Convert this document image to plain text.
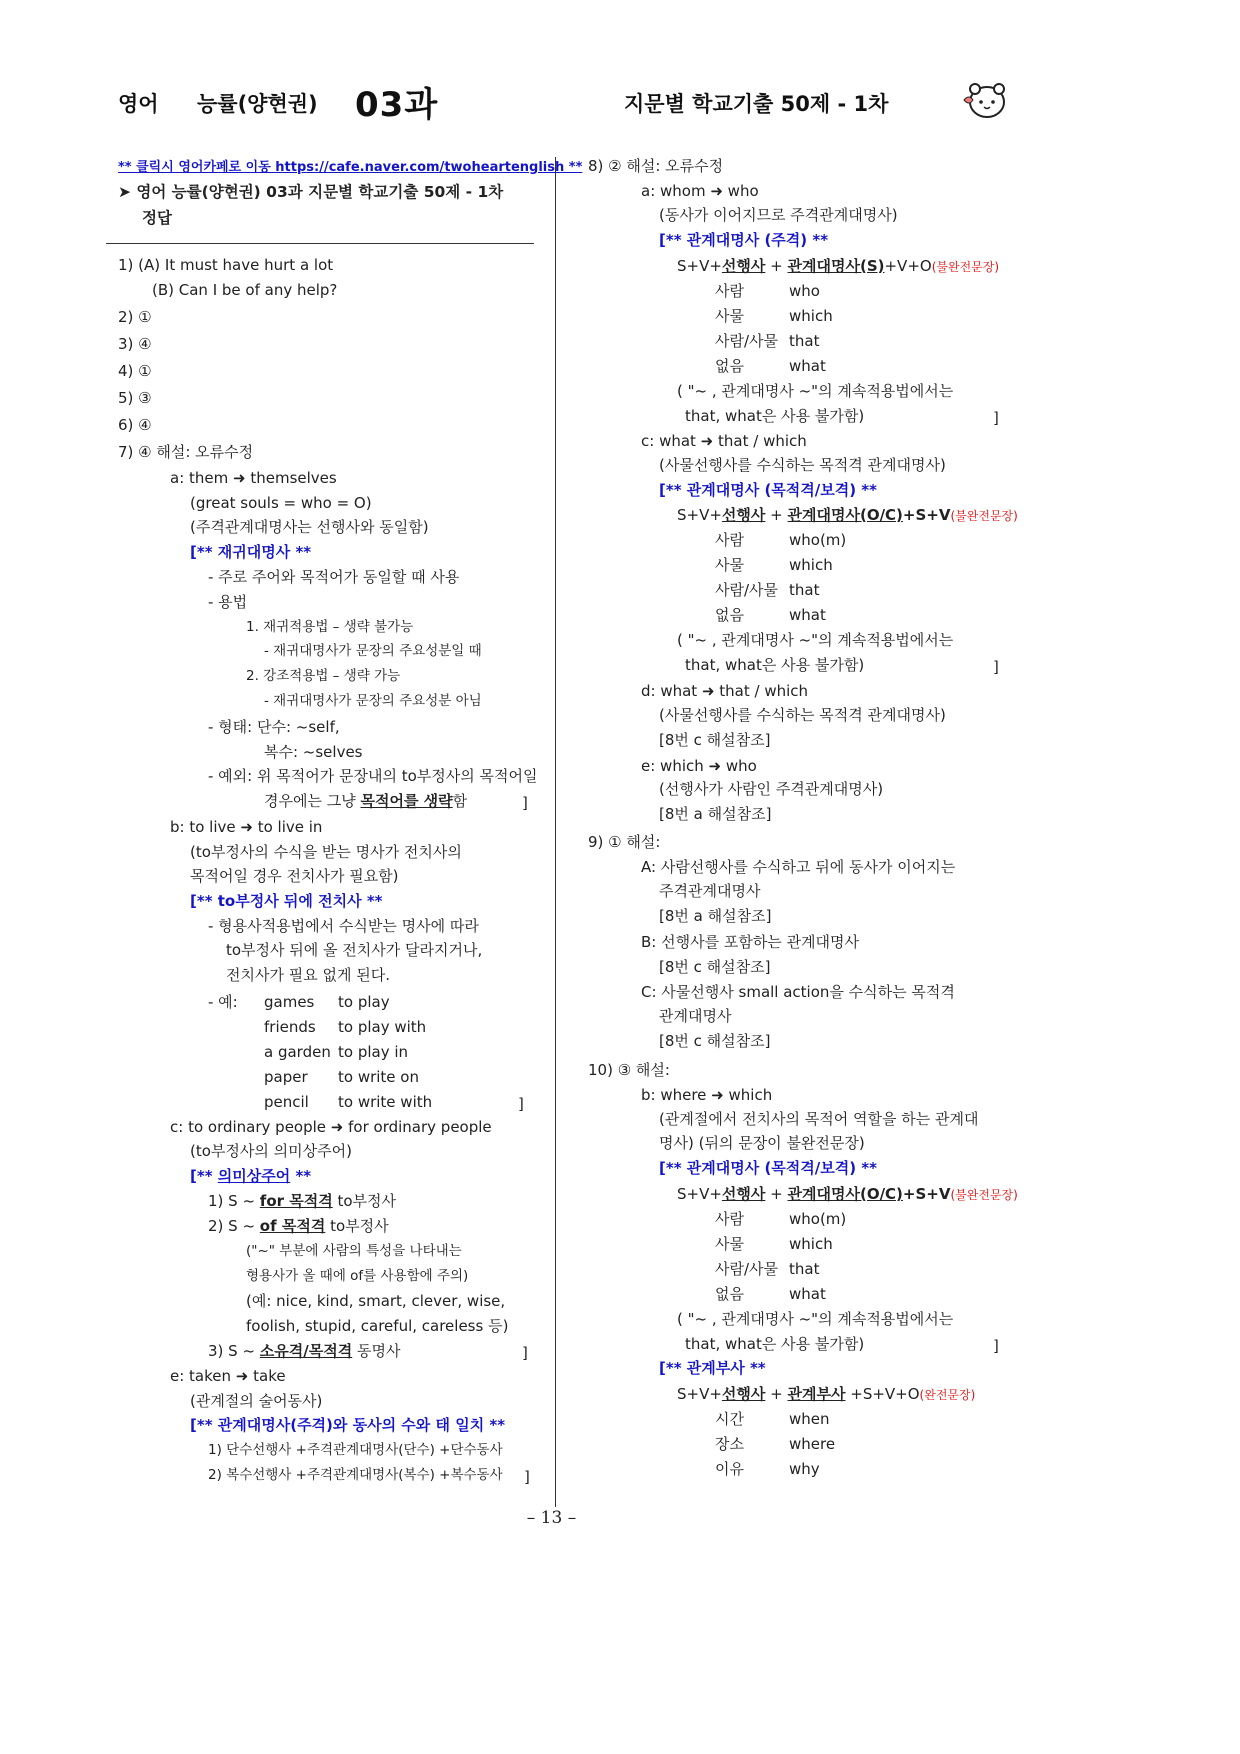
영어 능률(양현권) 03과	지문별 학교기출 50제 - 1차
** 클릭시 영어카페로 이동 https://cafe.naver.com/twoheartenglish **
➤ 영어 능률(양현권) 03과 지문별 학교기출 50제 - 1차
정답
1) (A) It must have hurt a lot
(B) Can I be of any help?
2) ①
3) ④
4) ①
5) ③
6) ④
7) ④ 해설: 오류수정
a: them ➜ themselves
(great souls = who = O)
(주격관계대명사는 선행사와 동일함)
[** 재귀대명사 **
- 주로 주어와 목적어가 동일할 때 사용
- 용법
1. 재귀적용법 – 생략 불가능
- 재귀대명사가 문장의 주요성분일 때
2. 강조적용법 – 생략 가능
- 재귀대명사가 문장의 주요성분 아님
- 형태: 단수: ~self,
복수: ~selves
- 예외: 위 목적어가 문장내의 to부정사의 목적어일
경우에는 그냥 목적어를 생략함	]
b: to live ➜ to live in
(to부정사의 수식을 받는 명사가 전치사의
목적어일 경우 전치사가 필요함)
[** to부정사 뒤에 전치사 **
- 형용사적용법에서 수식받는 명사에 따라
to부정사 뒤에 올 전치사가 달라지거나,
전치사가 필요 없게 된다.
- 예: games to play
friends to play with
a garden to play in
paper to write on
pencil to write with	]
c: to ordinary people ➜ for ordinary people
(to부정사의 의미상주어)
[** 의미상주어 **
1) S ~ for 목적격 to부정사
2) S ~ of 목적격 to부정사
("~" 부분에 사람의 특성을 나타내는
형용사가 올 때에 of를 사용함에 주의)
(예: nice, kind, smart, clever, wise,
foolish, stupid, careful, careless 등)
3) S ~ 소유격/목적격 동명사	]
e: taken ➜ take
(관계절의 술어동사)
[** 관계대명사(주격)와 동사의 수와 태 일치 **
1) 단수선행사 +주격관계대명사(단수) +단수동사
2) 복수선행사 +주격관계대명사(복수) +복수동사 ]
8) ② 해설: 오류수정
a: whom ➜ who
(동사가 이어지므로 주격관계대명사)
[** 관계대명사 (주격) **
S+V+선행사 + 관계대명사(S)+V+O(불완전문장)
사람	who
사물	which
사람/사물 that
없음	what
( "~ , 관계대명사 ~"의 계속적용법에서는
that, what은 사용 불가함)	]
c: what ➜ that / which
(사물선행사를 수식하는 목적격 관계대명사)
[** 관계대명사 (목적격/보격) **
S+V+선행사 + 관계대명사(O/C)+S+V(불완전문장)
사람	who(m)
사물	which
사람/사물 that
없음	what
( "~ , 관계대명사 ~"의 계속적용법에서는
that, what은 사용 불가함)	]
d: what ➜ that / which
(사물선행사를 수식하는 목적격 관계대명사)
[8번 c 해설참조]
e: which ➜ who
(선행사가 사람인 주격관계대명사)
[8번 a 해설참조]
9) ① 해설:
A: 사람선행사를 수식하고 뒤에 동사가 이어지는
주격관계대명사
[8번 a 해설참조]
B: 선행사를 포함하는 관계대명사
[8번 c 해설참조]
C: 사물선행사 small action을 수식하는 목적격
관계대명사
[8번 c 해설참조]
10) ③ 해설:
b: where ➜ which
(관계절에서 전치사의 목적어 역할을 하는 관계대
명사) (뒤의 문장이 불완전문장)
[** 관계대명사 (목적격/보격) **
S+V+선행사 + 관계대명사(O/C)+S+V(불완전문장)
사람	who(m)
사물	which
사람/사물 that
없음	what
( "~ , 관계대명사 ~"의 계속적용법에서는
that, what은 사용 불가함)	]
[** 관계부사 **
S+V+선행사 + 관계부사 +S+V+O(완전문장)
시간	when
장소	where
이유	why
– 13 –
